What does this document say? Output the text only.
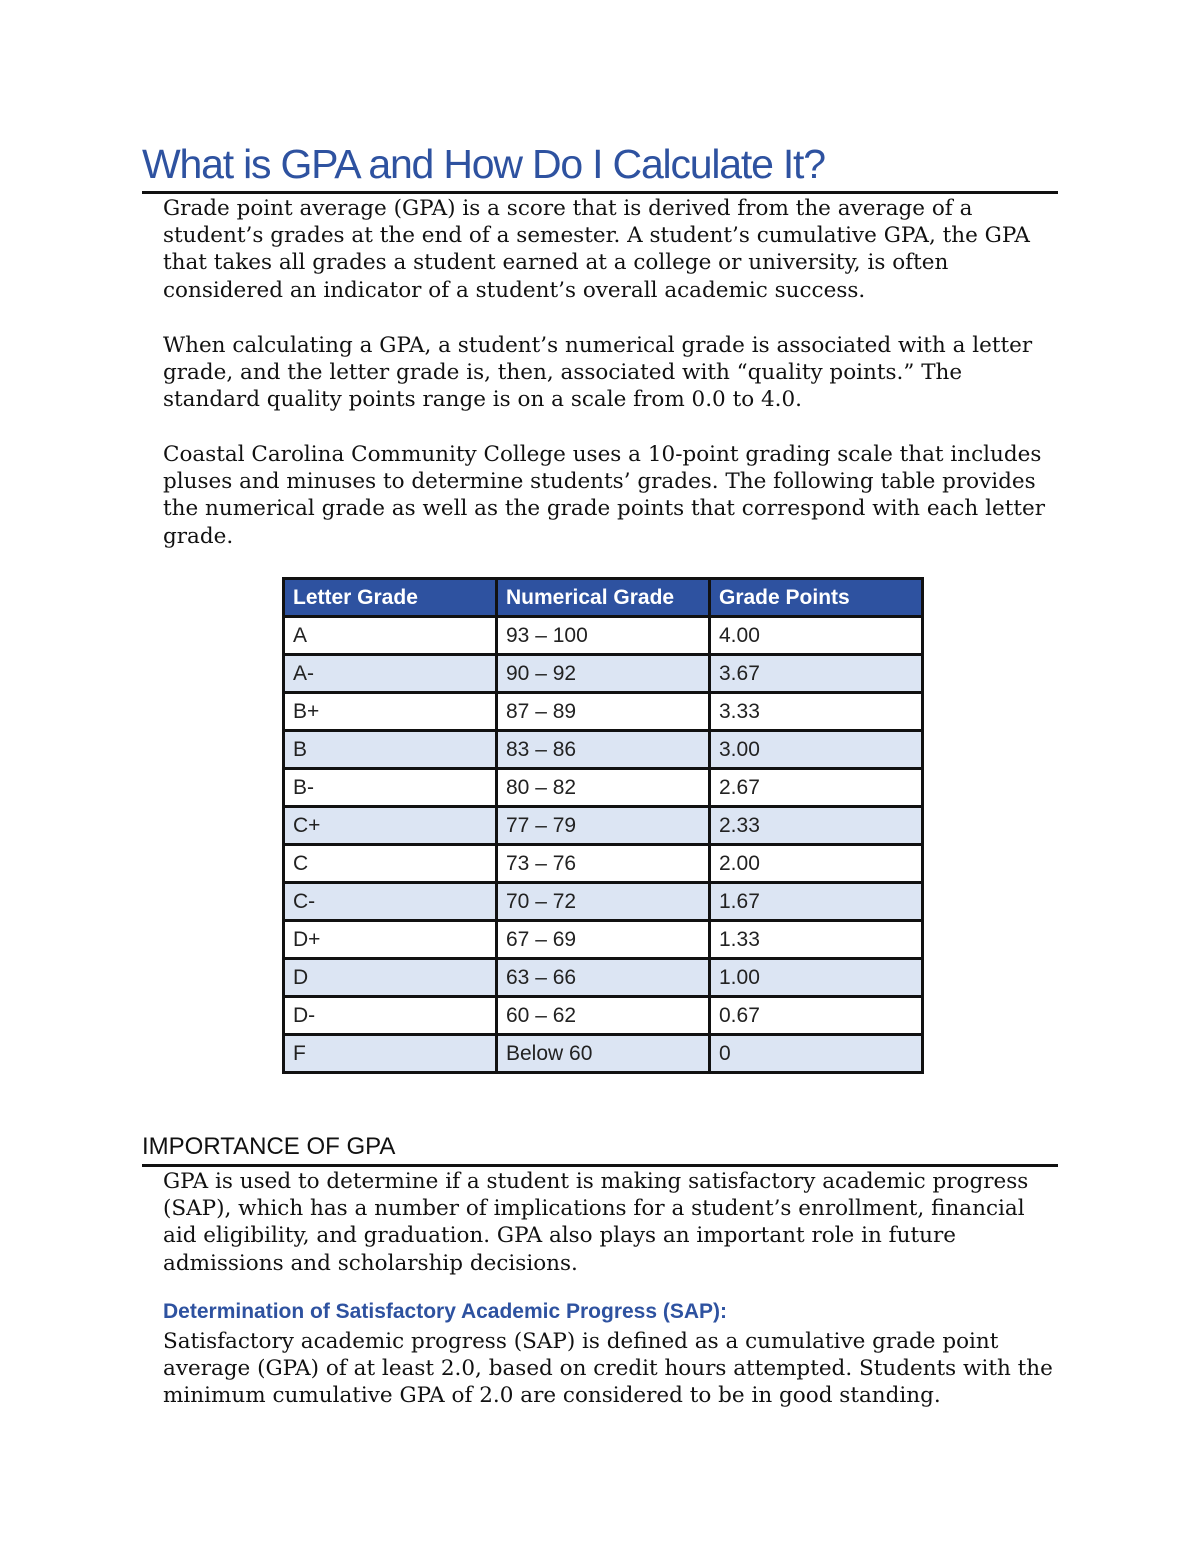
What is GPA and How Do I Calculate It?

Grade point average (GPA) is a score that is derived from the average of a student’s grades at the end of a semester. A student’s cumulative GPA, the GPA that takes all grades a student earned at a college or university, is often considered an indicator of a student’s overall academic success.

When calculating a GPA, a student’s numerical grade is associated with a letter grade, and the letter grade is, then, associated with “quality points.” The standard quality points range is on a scale from 0.0 to 4.0.

Coastal Carolina Community College uses a 10-point grading scale that includes pluses and minuses to determine students’ grades. The following table provides the numerical grade as well as the grade points that correspond with each letter grade.

Letter Grade	Numerical Grade	Grade Points
A	93 – 100	4.00
A-	90 – 92	3.67
B+	87 – 89	3.33
B	83 – 86	3.00
B-	80 – 82	2.67
C+	77 – 79	2.33
C	73 – 76	2.00
C-	70 – 72	1.67
D+	67 – 69	1.33
D	63 – 66	1.00
D-	60 – 62	0.67
F	Below 60	0
IMPORTANCE OF GPA

GPA is used to determine if a student is making satisfactory academic progress (SAP), which has a number of implications for a student’s enrollment, financial aid eligibility, and graduation. GPA also plays an important role in future admissions and scholarship decisions.

Determination of Satisfactory Academic Progress (SAP):

Satisfactory academic progress (SAP) is defined as a cumulative grade point average (GPA) of at least 2.0, based on credit hours attempted. Students with the minimum cumulative GPA of 2.0 are considered to be in good standing.
